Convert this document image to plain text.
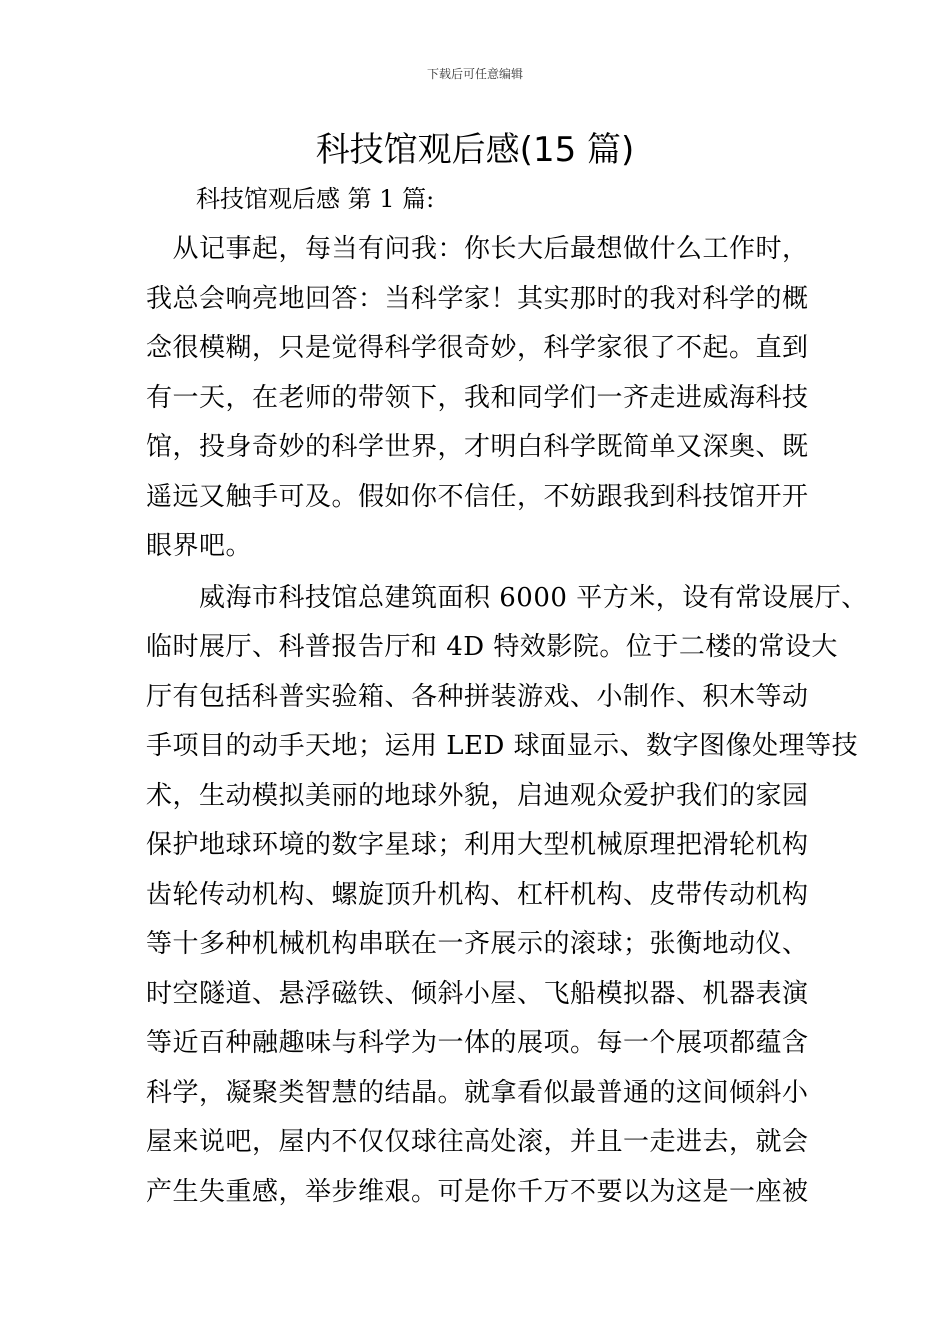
下载后可任意编辑
科技馆观后感(15 篇)
科技馆观后感 第 1 篇:
　从记事起，每当有问我：你长大后最想做什么工作时，
我总会响亮地回答：当科学家！其实那时的我对科学的概
念很模糊，只是觉得科学很奇妙，科学家很了不起。直到
有一天，在老师的带领下，我和同学们一齐走进威海科技
馆，投身奇妙的科学世界，才明白科学既简单又深奥、既
遥远又触手可及。假如你不信任，不妨跟我到科技馆开开
眼界吧。
　　威海市科技馆总建筑面积 6000 平方米，设有常设展厅、
临时展厅、科普报告厅和 4D 特效影院。位于二楼的常设大
厅有包括科普实验箱、各种拼装游戏、小制作、积木等动
手项目的动手天地；运用 LED 球面显示、数字图像处理等技
术，生动模拟美丽的地球外貌，启迪观众爱护我们的家园
保护地球环境的数字星球；利用大型机械原理把滑轮机构
齿轮传动机构、螺旋顶升机构、杠杆机构、皮带传动机构
等十多种机械机构串联在一齐展示的滚球；张衡地动仪、
时空隧道、悬浮磁铁、倾斜小屋、飞船模拟器、机器表演
等近百种融趣味与科学为一体的展项。每一个展项都蕴含
科学，凝聚类智慧的结晶。就拿看似最普通的这间倾斜小
屋来说吧，屋内不仅仅球往高处滚，并且一走进去，就会
产生失重感，举步维艰。可是你千万不要以为这是一座被
